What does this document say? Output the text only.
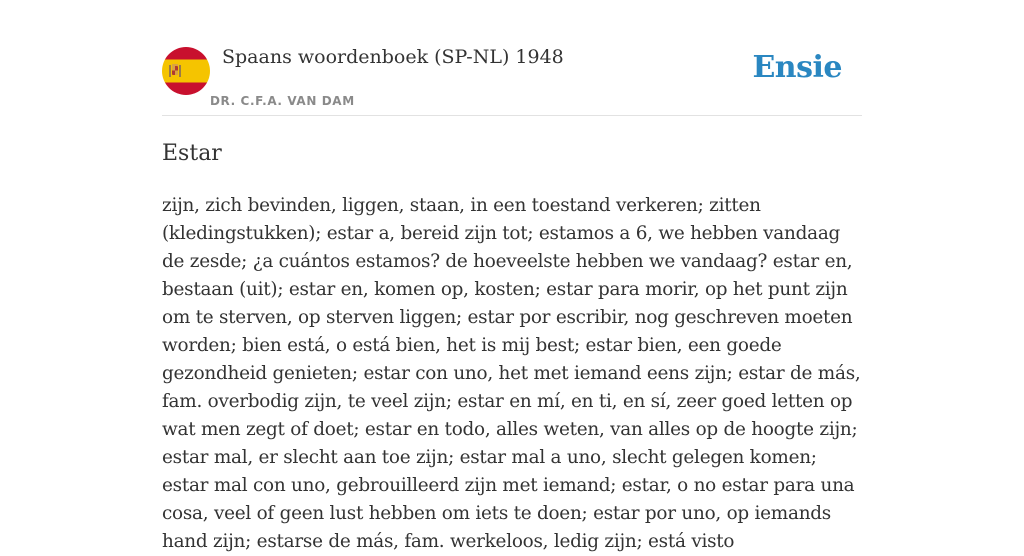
Spaans woordenboek (SP-NL) 1948
DR. C.F.A. VAN DAM
Ensie
Estar

zijn, zich bevinden, liggen, staan, in een toestand verkeren; zitten (kledingstukken); estar a, bereid zijn tot; estamos a 6, we hebben vandaag de zesde; ¿a cuántos estamos? de hoeveelste hebben we vandaag? estar en, bestaan (uit); estar en, komen op, kosten; estar para morir, op het punt zijn om te sterven, op sterven liggen; estar por escribir, nog geschreven moeten worden; bien está, o está bien, het is mij best; estar bien, een goede gezondheid genieten; estar con uno, het met iemand eens zijn; estar de más, fam. overbodig zijn, te veel zijn; estar en mí, en ti, en sí, zeer goed letten op wat men zegt of doet; estar en todo, alles weten, van alles op de hoogte zijn; estar mal, er slecht aan toe zijn; estar mal a uno, slecht gelegen komen; estar mal con uno, gebrouilleerd zijn met iemand; estar, o no estar para una cosa, veel of geen lust hebben om iets te doen; estar por uno, op iemands hand zijn; estarse de más, fam. werkeloos, ledig zijn; está visto
